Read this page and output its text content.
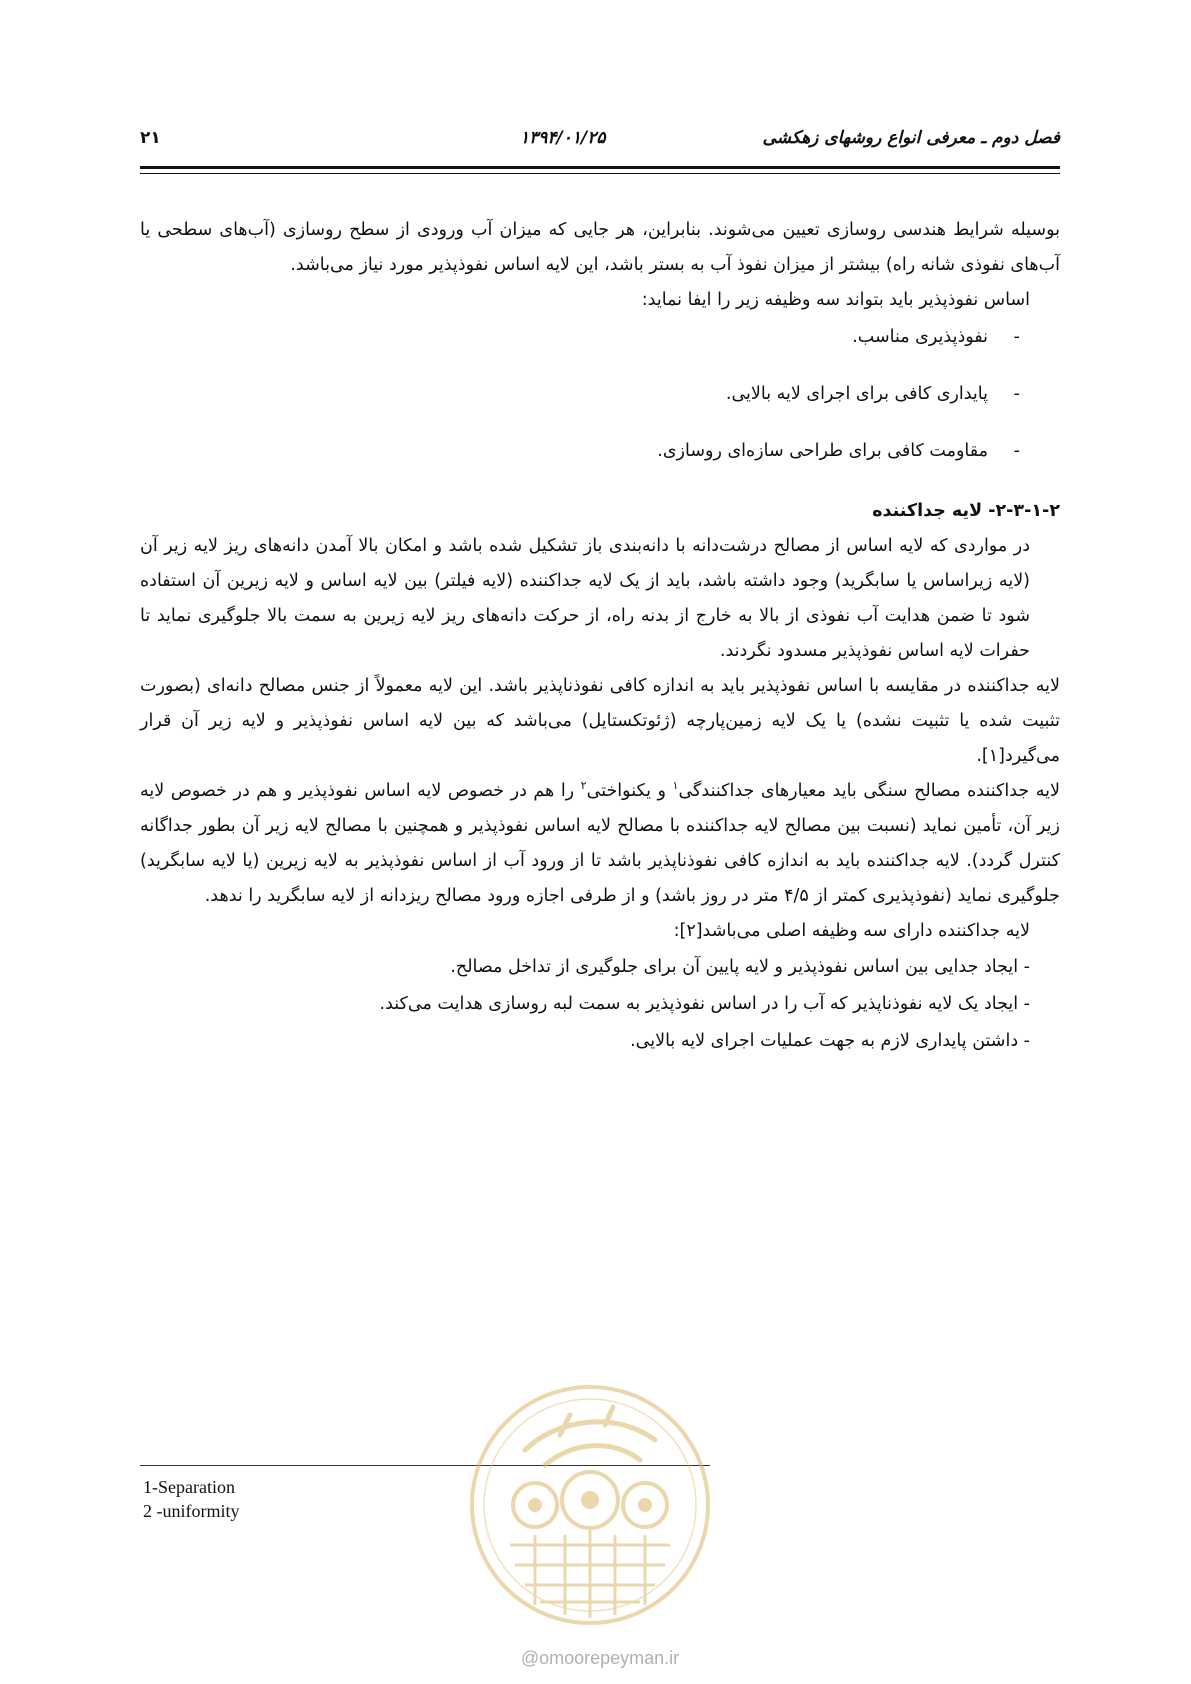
۲۱	۱۳۹۴/۰۱/۲۵	فصل دوم ـ معرفی انواع روشهای زهکشی

بوسیله شرایط هندسی روسازی تعیین می‌شوند. بنابراین، هر جایی که میزان آب ورودی از سطح روسازی (آب‌های سطحی یا آب‌های نفوذی شانه راه) بیشتر از میزان نفوذ آب به بستر باشد، این لایه اساس نفوذپذیر مورد نیاز می‌باشد.

اساس نفوذپذیر باید بتواند سه وظیفه زیر را ایفا نماید:

-نفوذپذیری مناسب.
-پایداری کافی برای اجرای لایه بالایی.
-مقاومت کافی برای طراحی سازه‌ای روسازی.

۲-۳-۱-۲- لایه جداکننده

در مواردی که لایه اساس از مصالح درشت‌دانه با دانه‌بندی باز تشکیل شده باشد و امکان بالا آمدن دانه‌های ریز لایه زیر آن (لایه زیراساس یا سابگرید) وجود داشته باشد، باید از یک لایه جداکننده (لایه فیلتر) بین لایه اساس و لایه زیرین آن استفاده شود تا ضمن هدایت آب نفوذی از بالا به خارج از بدنه راه، از حرکت دانه‌های ریز لایه زیرین به سمت بالا جلوگیری نماید تا حفرات لایه اساس نفوذپذیر مسدود نگردند.

لایه جداکننده در مقایسه با اساس نفوذپذیر باید به اندازه کافی نفوذناپذیر باشد. این لایه معمولاً از جنس مصالح دانه‌ای (بصورت تثبیت شده یا تثبیت نشده) یا یک لایه زمین‌پارچه (ژئوتکستایل) می‌باشد که بین لایه اساس نفوذپذیر و لایه زیر آن قرار می‌گیرد[۱].

لایه جداکننده مصالح سنگی باید معیارهای جداکنندگی$^۱$ و یکنواختی$^۲$ را هم در خصوص لایه اساس نفوذپذیر و هم در خصوص لایه زیر آن، تأمین نماید (نسبت بین مصالح لایه جداکننده با مصالح لایه اساس نفوذپذیر و همچنین با مصالح لایه زیر آن بطور جداگانه کنترل گردد). لایه جداکننده باید به اندازه کافی نفوذناپذیر باشد تا از ورود آب از اساس نفوذپذیر به لایه زیرین (یا لایه سابگرید) جلوگیری نماید (نفوذپذیری کمتر از ۴/۵ متر در روز باشد) و از طرفی اجازه ورود مصالح ریزدانه از لایه سابگرید را ندهد.

لایه جداکننده دارای سه وظیفه اصلی می‌باشد[۲]:

- ایجاد جدایی بین اساس نفوذپذیر و لایه پایین آن برای جلوگیری از تداخل مصالح.
- ایجاد یک لایه نفوذناپذیر که آب را در اساس نفوذپذیر به سمت لبه روسازی هدایت می‌کند.
- داشتن پایداری لازم به جهت عملیات اجرای لایه بالایی.
1-Separation
2 -uniformity
@omoorepeyman.ir
